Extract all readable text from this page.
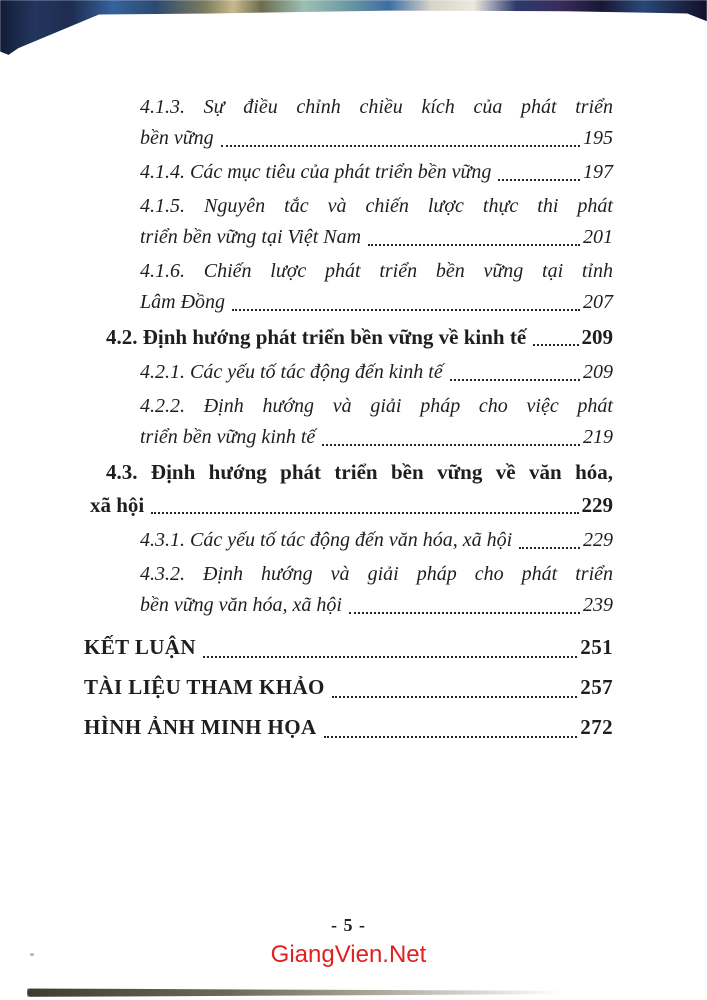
4.1.3. Sự điều chỉnh chiều kích của phát triển
bền vững	195
4.1.4. Các mục tiêu của phát triển bền vững	197
4.1.5. Nguyên tắc và chiến lược thực thi phát
triển bền vững tại Việt Nam	201
4.1.6. Chiến lược phát triển bền vững tại tỉnh
Lâm Đồng	207
4.2. Định hướng phát triển bền vững về kinh tế	209
4.2.1. Các yếu tố tác động đến kinh tế	209
4.2.2. Định hướng và giải pháp cho việc phát
triển bền vững kinh tế	219
4.3. Định hướng phát triển bền vững về văn hóa,
xã hội	229
4.3.1. Các yếu tố tác động đến văn hóa, xã hội	229
4.3.2. Định hướng và giải pháp cho phát triển
bền vững văn hóa, xã hội	239
KẾT LUẬN	251
TÀI LIỆU THAM KHẢO	257
HÌNH ẢNH MINH HỌA	272
- 5 -
GiangVien.Net
